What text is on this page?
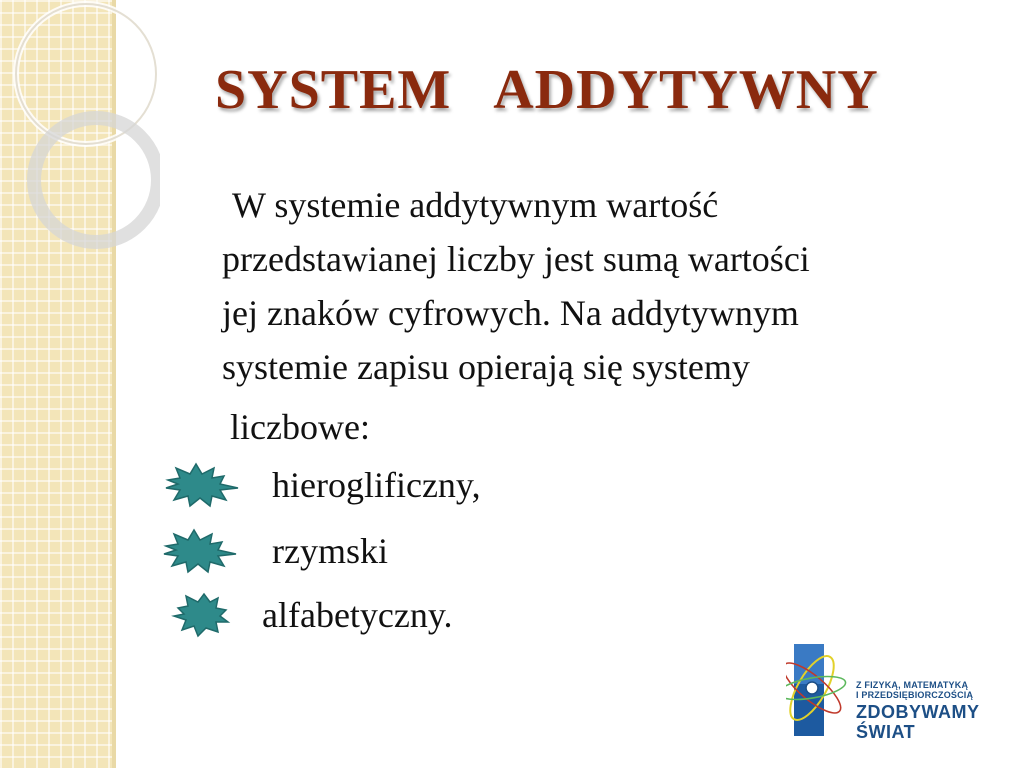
SYSTEM   ADDYTYWNY
W systemie addytywnym wartość
przedstawianej liczby jest sumą wartości
jej znaków cyfrowych. Na addytywnym
systemie zapisu opierają się systemy
liczbowe:
hieroglificzny,
rzymski
alfabetyczny.
Z FIZYKĄ, MATEMATYKĄ
I PRZEDSIĘBIORCZOŚCIĄ
ZDOBYWAMY
ŚWIAT
